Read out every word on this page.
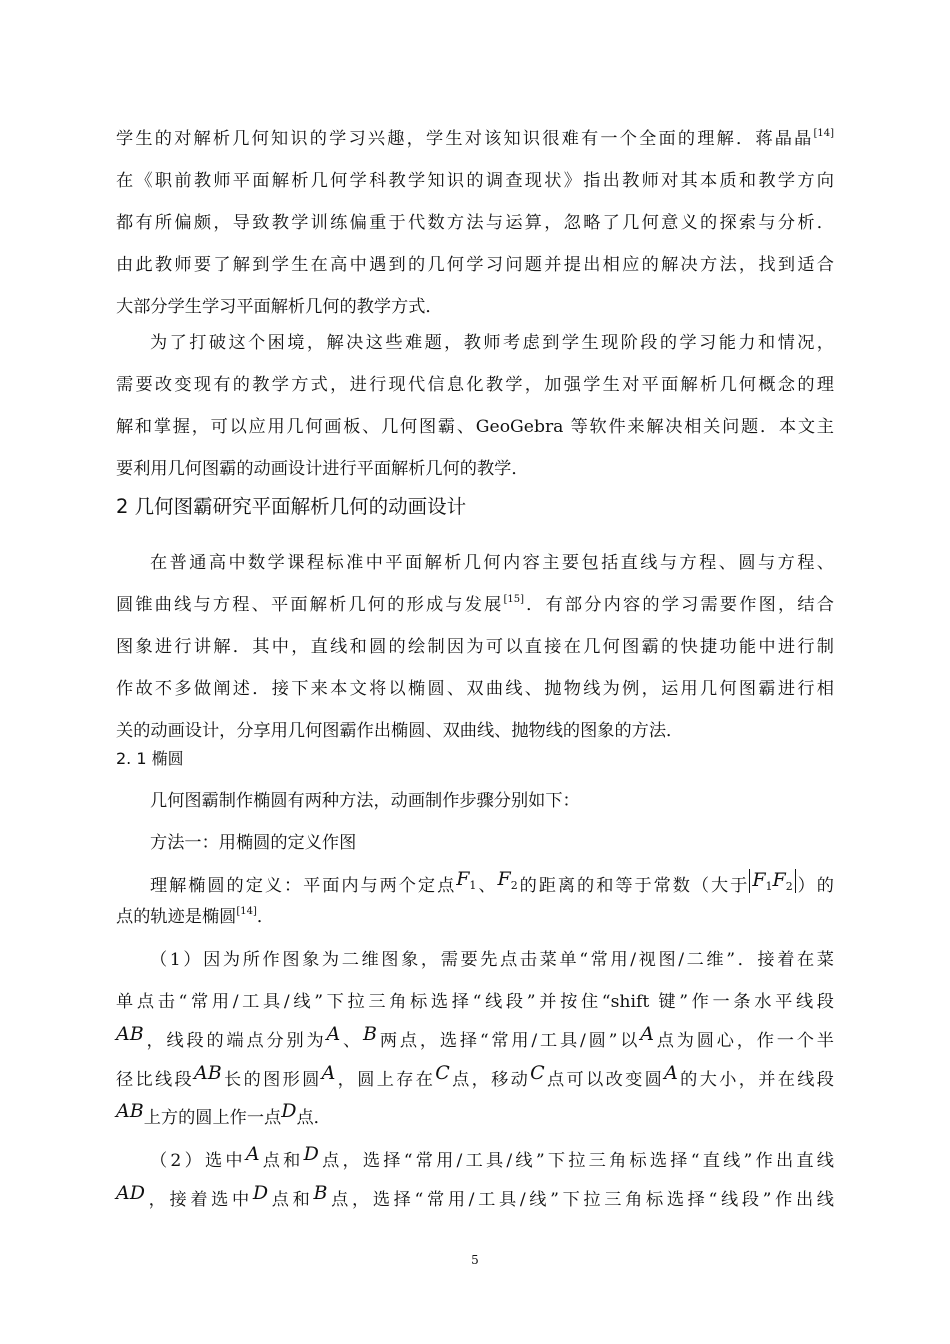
学生的对解析几何知识的学习兴趣，学生对该知识很难有一个全面的理解．蒋晶晶[14]
在《职前教师平面解析几何学科教学知识的调查现状》指出教师对其本质和教学方向
都有所偏颇，导致教学训练偏重于代数方法与运算，忽略了几何意义的探索与分析．
由此教师要了解到学生在高中遇到的几何学习问题并提出相应的解决方法，找到适合
大部分学生学习平面解析几何的教学方式．
为了打破这个困境，解决这些难题，教师考虑到学生现阶段的学习能力和情况，
需要改变现有的教学方式，进行现代信息化教学，加强学生对平面解析几何概念的理
解和掌握，可以应用几何画板、几何图霸、GeoGebra 等软件来解决相关问题．本文主
要利用几何图霸的动画设计进行平面解析几何的教学．
2 几何图霸研究平面解析几何的动画设计
在普通高中数学课程标准中平面解析几何内容主要包括直线与方程、圆与方程、
圆锥曲线与方程、平面解析几何的形成与发展[15]．有部分内容的学习需要作图，结合
图象进行讲解．其中，直线和圆的绘制因为可以直接在几何图霸的快捷功能中进行制
作故不多做阐述．接下来本文将以椭圆、双曲线、抛物线为例，运用几何图霸进行相
关的动画设计，分享用几何图霸作出椭圆、双曲线、抛物线的图象的方法．
2. 1 椭圆
几何图霸制作椭圆有两种方法，动画制作步骤分别如下：
方法一：用椭圆的定义作图
理解椭圆的定义：平面内与两个定点$F_1$、$F_2$的距离的和等于常数（大于 $F_1F_2$ ）的
点的轨迹是椭圆[14]．
（1）因为所作图象为二维图象，需要先点击菜单“常用/视图/二维”．接着在菜
单点击“常用/工具/线”下拉三角标选择“线段”并按住“shift 键”作一条水平线段
AB，线段的端点分别为A、B两点，选择“常用/工具/圆”以A点为圆心，作一个半
径比线段AB长的图形圆A，圆上存在C点，移动C点可以改变圆A的大小，并在线段
AB上方的圆上作一点D点．
（2）选中A点和D点，选择“常用/工具/线”下拉三角标选择“直线”作出直线
AD，接着选中D点和B点，选择“常用/工具/线”下拉三角标选择“线段”作出线
5
